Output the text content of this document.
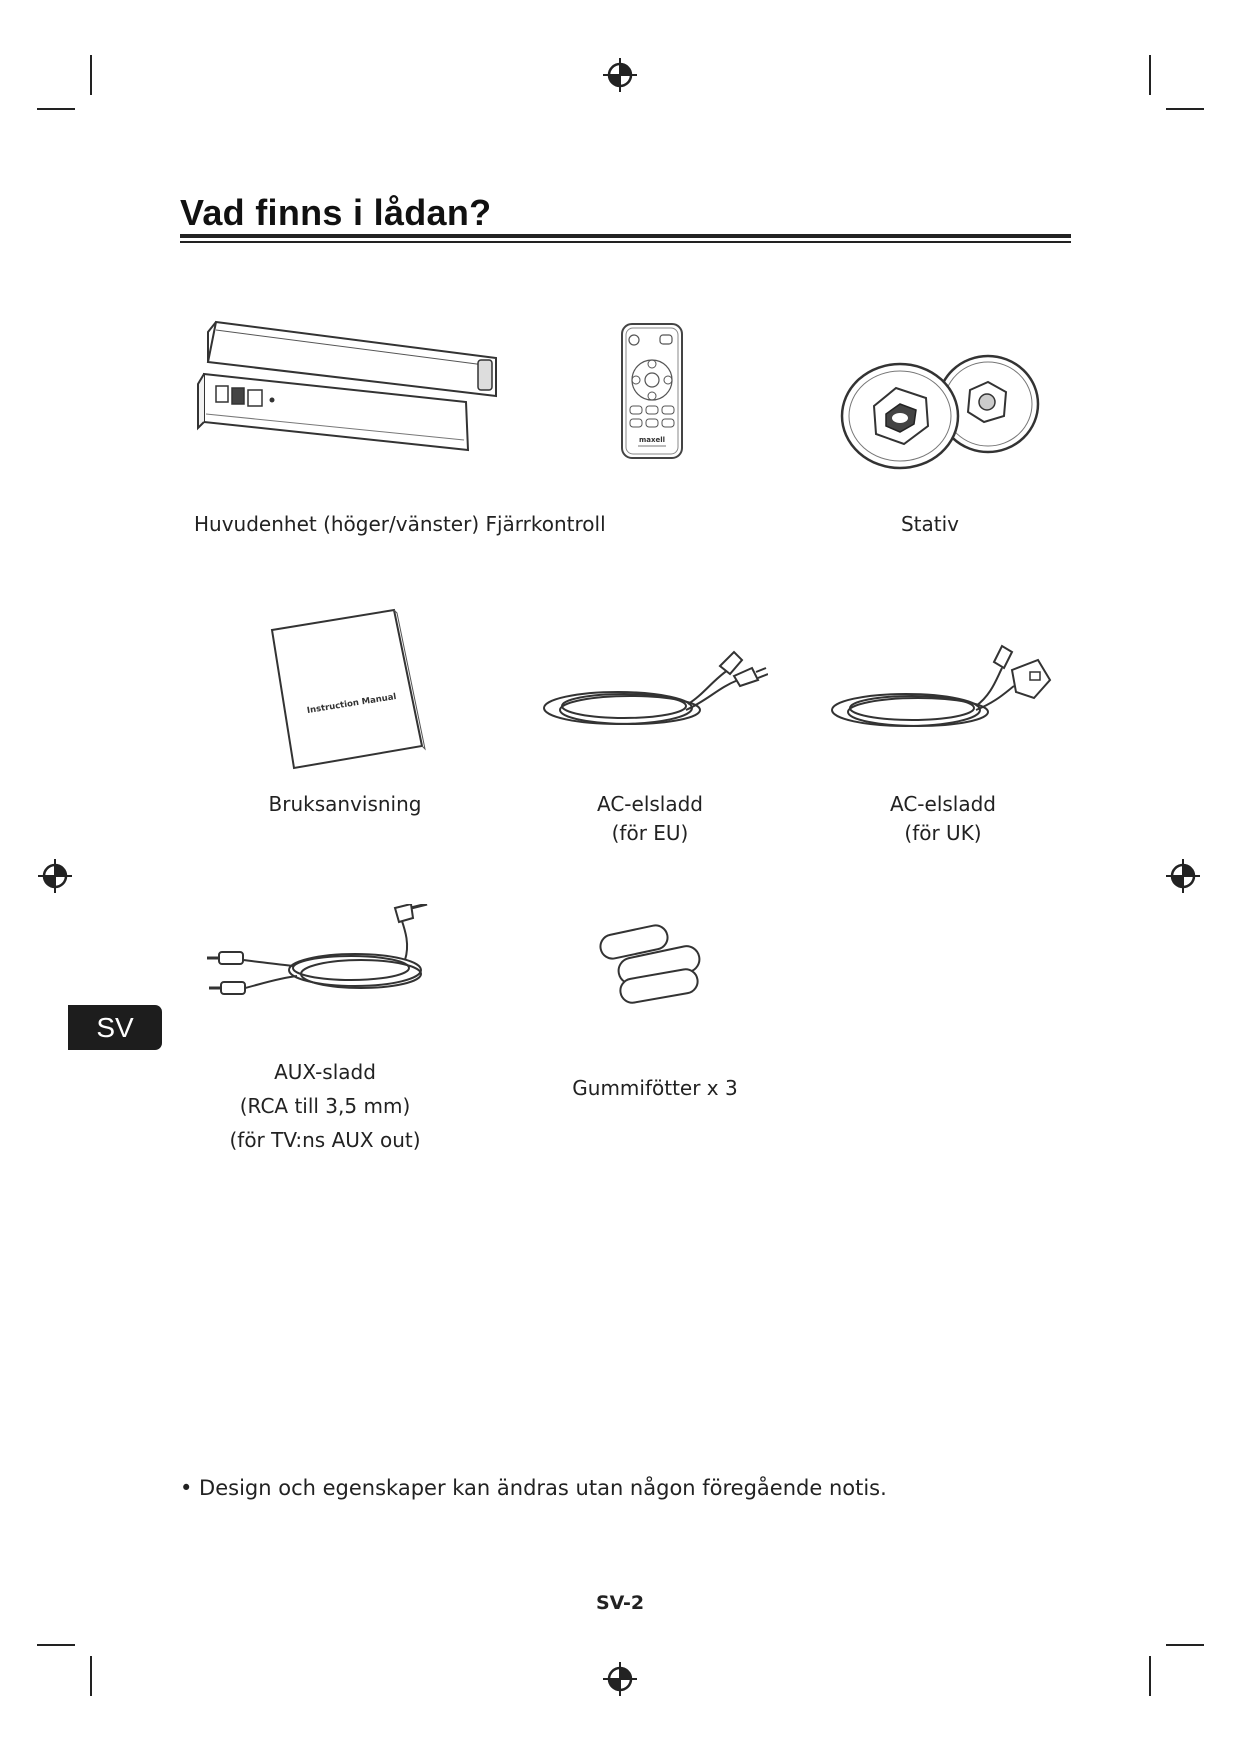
Vad finns i lådan?
maxell
Huvudenhet (höger/vänster) Fjärrkontroll	Stativ
Instruction Manual
Bruksanvisning	AC-elsladd
(för EU)
AC-elsladd
(för UK)
SV
AUX-sladd
(RCA till 3,5 mm)
(för TV:ns AUX out)
Gummifötter x 3
• Design och egenskaper kan ändras utan någon föregående notis.
SV-2
